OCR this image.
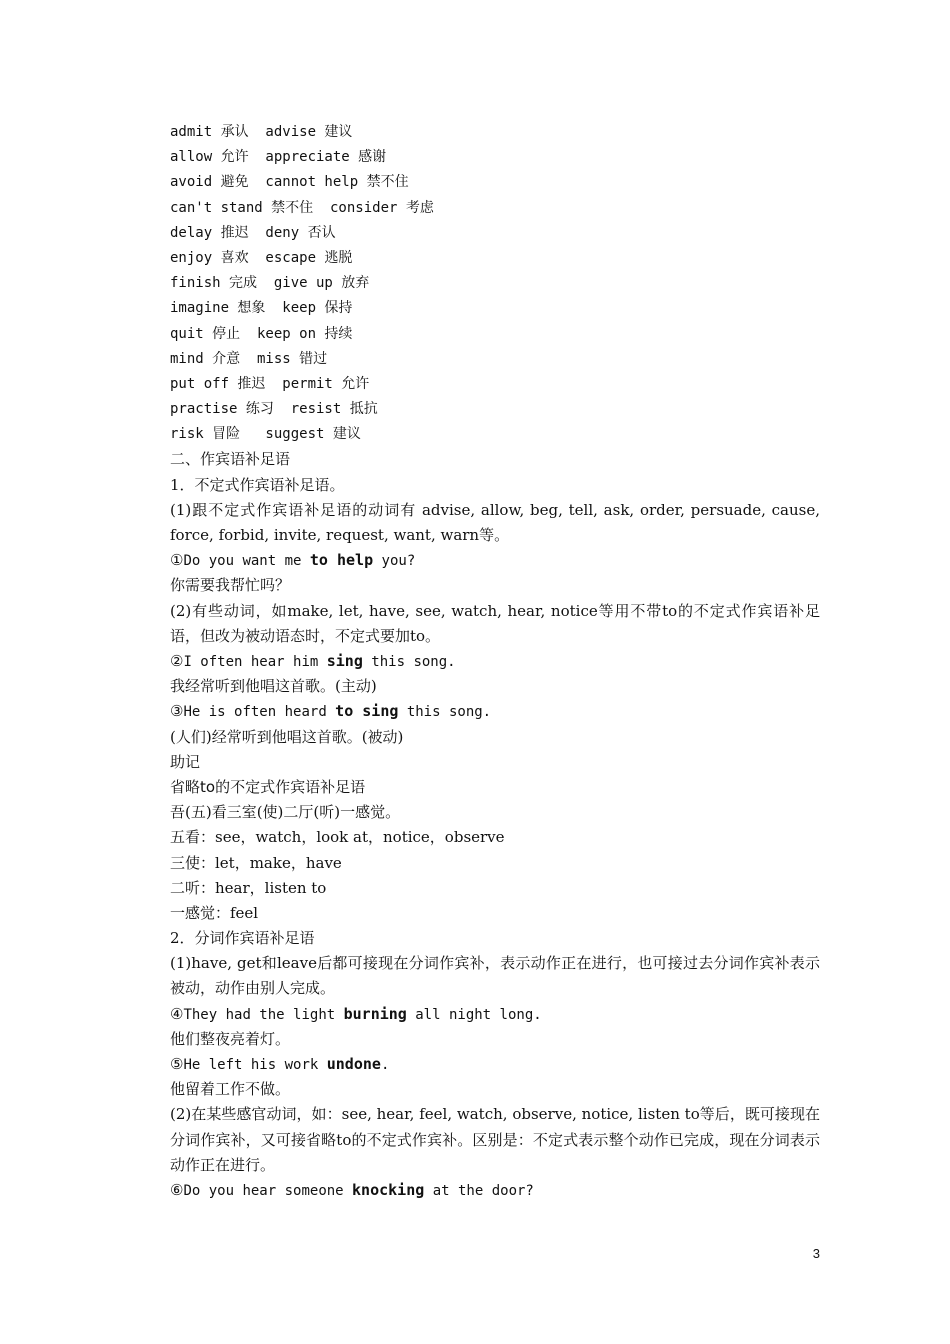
admit 承认  advise 建议
allow 允许  appreciate 感谢
avoid 避免  cannot help 禁不住
can't stand 禁不住  consider 考虑
delay 推迟  deny 否认
enjoy 喜欢  escape 逃脱
finish 完成  give up 放弃
imagine 想象  keep 保持
quit 停止  keep on 持续
mind 介意  miss 错过
put off 推迟  permit 允许
practise 练习  resist 抵抗
risk 冒险   suggest 建议
二、作宾语补足语
1．不定式作宾语补足语。
(1)跟不定式作宾语补足语的动词有 advise, allow, beg, tell, ask, order, persuade, cause, force, forbid, invite, request, want, warn等。
①Do you want me to help you?
你需要我帮忙吗？
(2)有些动词，如make, let, have, see, watch, hear, notice等用不带to的不定式作宾语补足语，但改为被动语态时，不定式要加to。
②I often hear him sing this song.
我经常听到他唱这首歌。(主动)
③He is often heard to sing this song.
(人们)经常听到他唱这首歌。(被动)
助记
省略to的不定式作宾语补足语
吾(五)看三室(使)二厅(听)一感觉。
五看：see，watch，look at，notice，observe
三使：let，make，have
二听：hear，listen to
一感觉：feel
2．分词作宾语补足语
(1)have, get和leave后都可接现在分词作宾补，表示动作正在进行，也可接过去分词作宾补表示被动，动作由别人完成。
④They had the light burning all night long.
他们整夜亮着灯。
⑤He left his work undone.
他留着工作不做。
(2)在某些感官动词，如：see, hear, feel, watch, observe, notice, listen to等后，既可接现在分词作宾补，又可接省略to的不定式作宾补。区别是：不定式表示整个动作已完成，现在分词表示动作正在进行。
⑥Do you hear someone knocking at the door?
3
